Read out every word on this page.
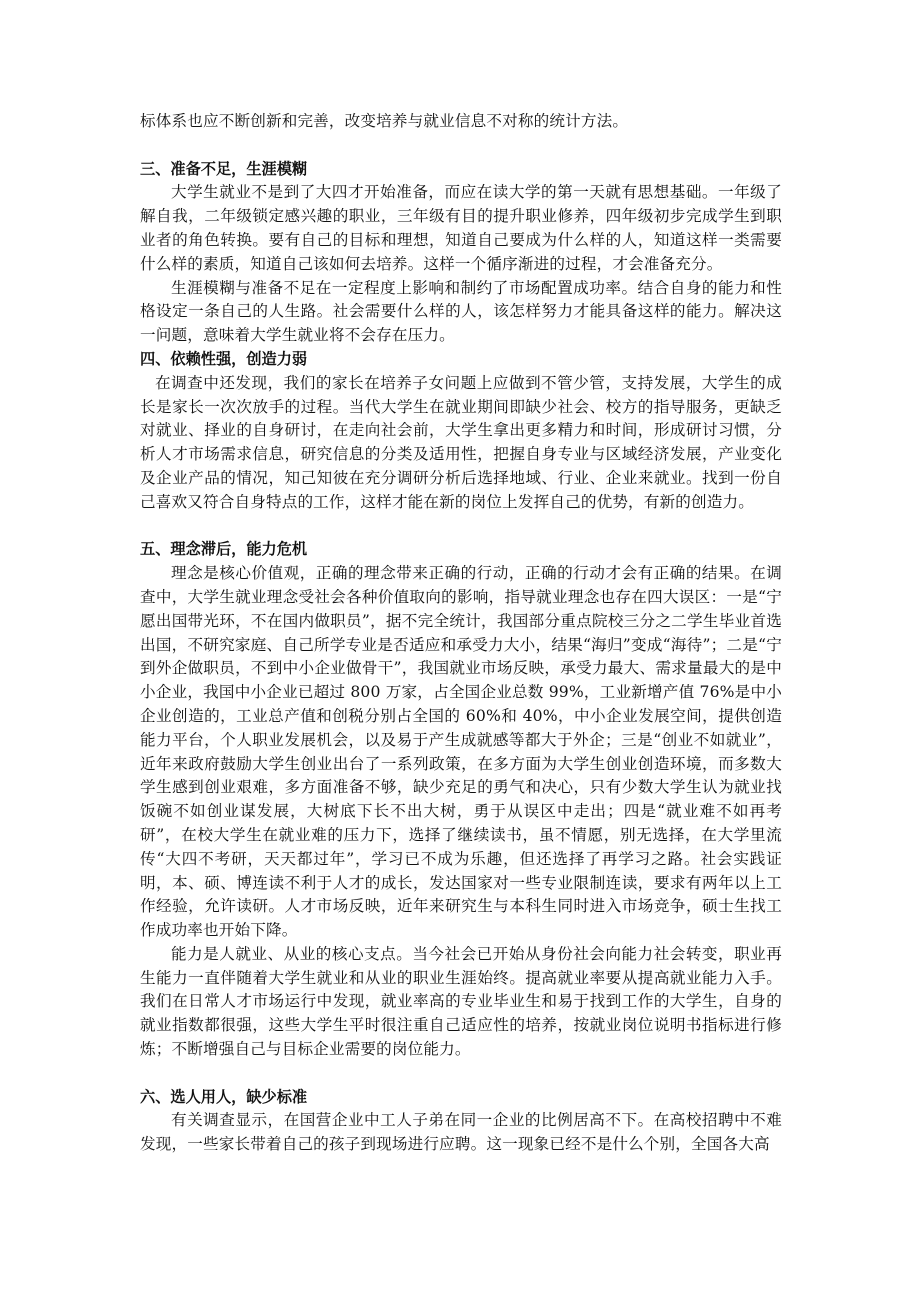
标体系也应不断创新和完善，改变培养与就业信息不对称的统计方法。

三、准备不足，生涯模糊

大学生就业不是到了大四才开始准备，而应在读大学的第一天就有思想基础。一年级了解自我，二年级锁定感兴趣的职业，三年级有目的提升职业修养，四年级初步完成学生到职业者的角色转换。要有自己的目标和理想，知道自己要成为什么样的人，知道这样一类需要什么样的素质，知道自己该如何去培养。这样一个循序渐进的过程，才会准备充分。

生涯模糊与准备不足在一定程度上影响和制约了市场配置成功率。结合自身的能力和性格设定一条自己的人生路。社会需要什么样的人，该怎样努力才能具备这样的能力。解决这一问题，意味着大学生就业将不会存在压力。

四、依赖性强，创造力弱

在调查中还发现，我们的家长在培养子女问题上应做到不管少管，支持发展，大学生的成长是家长一次次放手的过程。当代大学生在就业期间即缺少社会、校方的指导服务，更缺乏对就业、择业的自身研讨，在走向社会前，大学生拿出更多精力和时间，形成研讨习惯，分析人才市场需求信息，研究信息的分类及适用性，把握自身专业与区域经济发展，产业变化及企业产品的情况，知己知彼在充分调研分析后选择地域、行业、企业来就业。找到一份自己喜欢又符合自身特点的工作，这样才能在新的岗位上发挥自己的优势，有新的创造力。

五、理念滞后，能力危机

理念是核心价值观，正确的理念带来正确的行动，正确的行动才会有正确的结果。在调查中，大学生就业理念受社会各种价值取向的影响，指导就业理念也存在四大误区：一是“宁愿出国带光环，不在国内做职员”，据不完全统计，我国部分重点院校三分之二学生毕业首选出国，不研究家庭、自己所学专业是否适应和承受力大小，结果“海归”变成“海待”；二是“宁到外企做职员，不到中小企业做骨干”，我国就业市场反映，承受力最大、需求量最大的是中小企业，我国中小企业已超过 800 万家，占全国企业总数 99%，工业新增产值 76%是中小企业创造的，工业总产值和创税分别占全国的 60%和 40%，中小企业发展空间，提供创造能力平台，个人职业发展机会，以及易于产生成就感等都大于外企；三是“创业不如就业”，近年来政府鼓励大学生创业出台了一系列政策，在多方面为大学生创业创造环境，而多数大学生感到创业艰难，多方面准备不够，缺少充足的勇气和决心，只有少数大学生认为就业找饭碗不如创业谋发展，大树底下长不出大树，勇于从误区中走出；四是“就业难不如再考研”，在校大学生在就业难的压力下，选择了继续读书，虽不情愿，别无选择，在大学里流传“大四不考研，天天都过年”，学习已不成为乐趣，但还选择了再学习之路。社会实践证明，本、硕、博连读不利于人才的成长，发达国家对一些专业限制连读，要求有两年以上工作经验，允许读研。人才市场反映，近年来研究生与本科生同时进入市场竞争，硕士生找工作成功率也开始下降。

能力是人就业、从业的核心支点。当今社会已开始从身份社会向能力社会转变，职业再生能力一直伴随着大学生就业和从业的职业生涯始终。提高就业率要从提高就业能力入手。我们在日常人才市场运行中发现，就业率高的专业毕业生和易于找到工作的大学生，自身的就业指数都很强，这些大学生平时很注重自己适应性的培养，按就业岗位说明书指标进行修炼；不断增强自己与目标企业需要的岗位能力。

六、选人用人，缺少标准

有关调查显示，在国营企业中工人子弟在同一企业的比例居高不下。在高校招聘中不难发现，一些家长带着自己的孩子到现场进行应聘。这一现象已经不是什么个别，全国各大高
